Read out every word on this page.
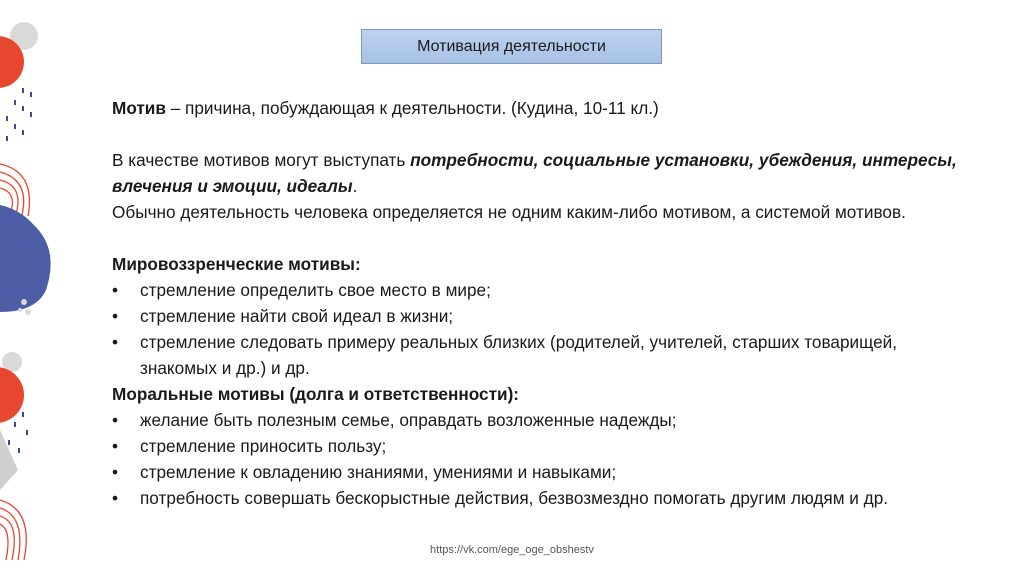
Мотивация деятельности

Мотив – причина, побуждающая к деятельности. (Кудина, 10-11 кл.)

В качестве мотивов могут выступать потребности, социальные установки, убеждения, интересы, влечения и эмоции, идеалы.

Обычно деятельность человека определяется не одним каким-либо мотивом, а системой мотивов.

Мировоззренческие мотивы:

• стремление определить свое место в мире;
• стремление найти свой идеал в жизни;
• стремление следовать примеру реальных близких (родителей, учителей, старших товарищей, знакомых и др.) и др.

Моральные мотивы (долга и ответственности):

• желание быть полезным семье, оправдать возложенные надежды;
• стремление приносить пользу;
• стремление к овладению знаниями, умениями и навыками;
• потребность совершать бескорыстные действия, безвозмездно помогать другим людям и др.
https://vk.com/ege_oge_obshestv
